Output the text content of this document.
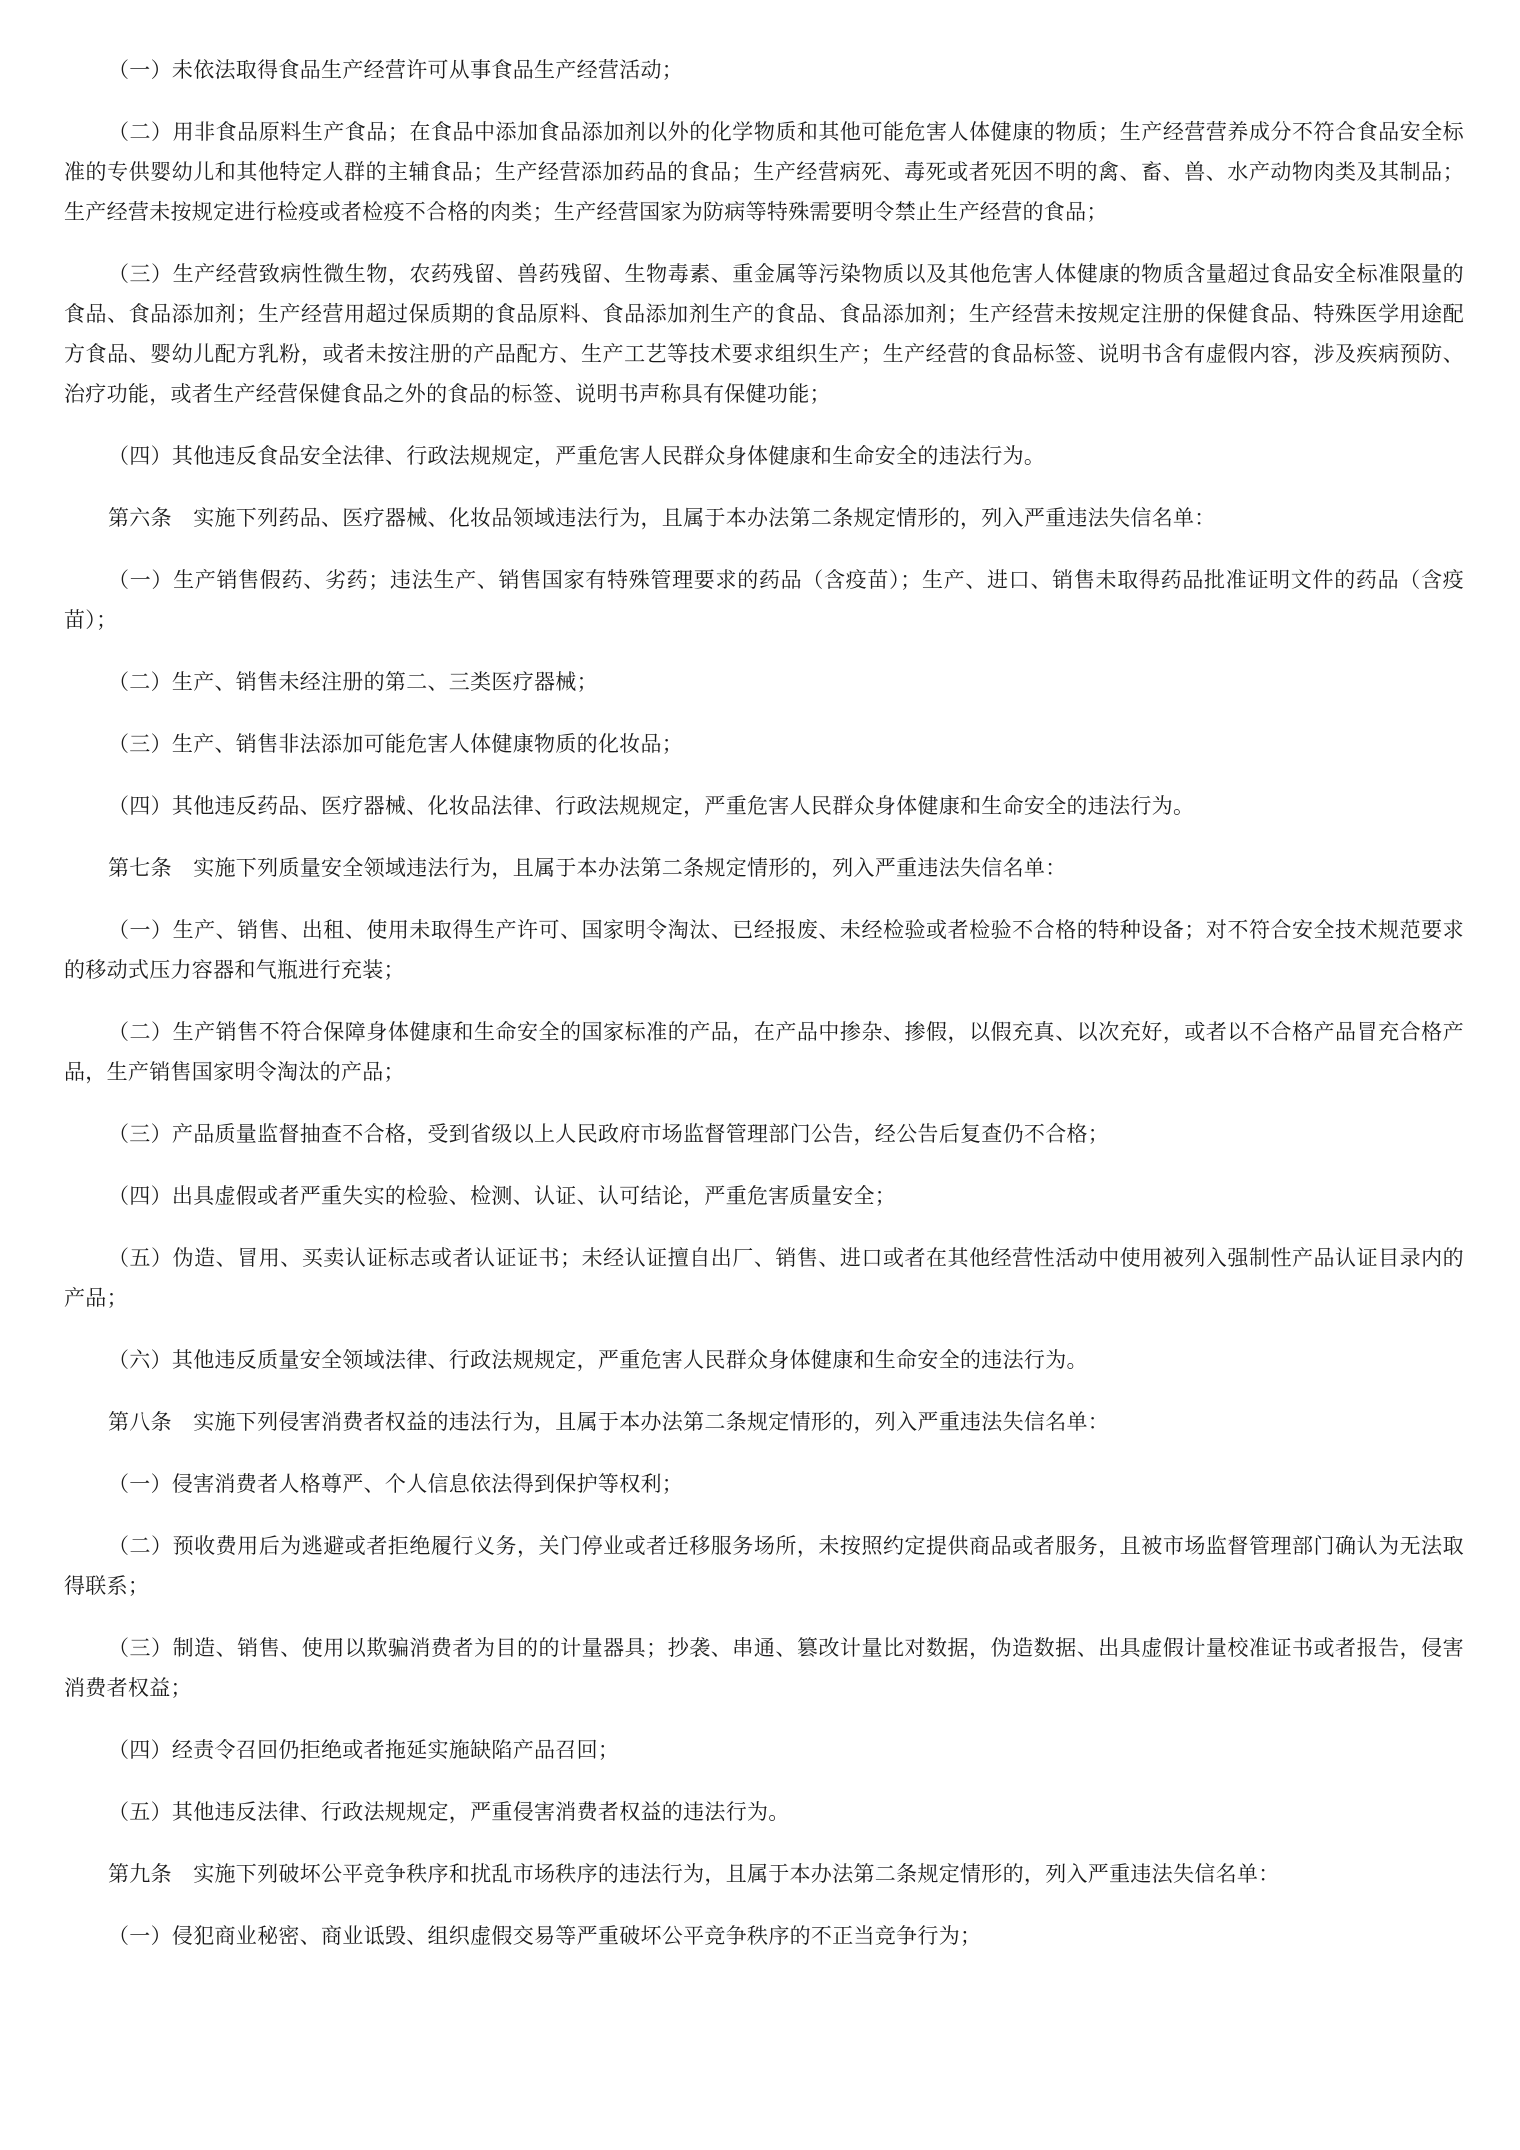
（一）未依法取得食品生产经营许可从事食品生产经营活动；

（二）用非食品原料生产食品；在食品中添加食品添加剂以外的化学物质和其他可能危害人体健康的物质；生产经营营养成分不符合食品安全标准的专供婴幼儿和其他特定人群的主辅食品；生产经营添加药品的食品；生产经营病死、毒死或者死因不明的禽、畜、兽、水产动物肉类及其制品；生产经营未按规定进行检疫或者检疫不合格的肉类；生产经营国家为防病等特殊需要明令禁止生产经营的食品；

（三）生产经营致病性微生物，农药残留、兽药残留、生物毒素、重金属等污染物质以及其他危害人体健康的物质含量超过食品安全标准限量的食品、食品添加剂；生产经营用超过保质期的食品原料、食品添加剂生产的食品、食品添加剂；生产经营未按规定注册的保健食品、特殊医学用途配方食品、婴幼儿配方乳粉，或者未按注册的产品配方、生产工艺等技术要求组织生产；生产经营的食品标签、说明书含有虚假内容，涉及疾病预防、治疗功能，或者生产经营保健食品之外的食品的标签、说明书声称具有保健功能；

（四）其他违反食品安全法律、行政法规规定，严重危害人民群众身体健康和生命安全的违法行为。

第六条　实施下列药品、医疗器械、化妆品领域违法行为，且属于本办法第二条规定情形的，列入严重违法失信名单：

（一）生产销售假药、劣药；违法生产、销售国家有特殊管理要求的药品（含疫苗）；生产、进口、销售未取得药品批准证明文件的药品（含疫苗）；

（二）生产、销售未经注册的第二、三类医疗器械；

（三）生产、销售非法添加可能危害人体健康物质的化妆品；

（四）其他违反药品、医疗器械、化妆品法律、行政法规规定，严重危害人民群众身体健康和生命安全的违法行为。

第七条　实施下列质量安全领域违法行为，且属于本办法第二条规定情形的，列入严重违法失信名单：

（一）生产、销售、出租、使用未取得生产许可、国家明令淘汰、已经报废、未经检验或者检验不合格的特种设备；对不符合安全技术规范要求的移动式压力容器和气瓶进行充装；

（二）生产销售不符合保障身体健康和生命安全的国家标准的产品，在产品中掺杂、掺假，以假充真、以次充好，或者以不合格产品冒充合格产品，生产销售国家明令淘汰的产品；

（三）产品质量监督抽查不合格，受到省级以上人民政府市场监督管理部门公告，经公告后复查仍不合格；

（四）出具虚假或者严重失实的检验、检测、认证、认可结论，严重危害质量安全；

（五）伪造、冒用、买卖认证标志或者认证证书；未经认证擅自出厂、销售、进口或者在其他经营性活动中使用被列入强制性产品认证目录内的产品；

（六）其他违反质量安全领域法律、行政法规规定，严重危害人民群众身体健康和生命安全的违法行为。

第八条　实施下列侵害消费者权益的违法行为，且属于本办法第二条规定情形的，列入严重违法失信名单：

（一）侵害消费者人格尊严、个人信息依法得到保护等权利；

（二）预收费用后为逃避或者拒绝履行义务，关门停业或者迁移服务场所，未按照约定提供商品或者服务，且被市场监督管理部门确认为无法取得联系；

（三）制造、销售、使用以欺骗消费者为目的的计量器具；抄袭、串通、篡改计量比对数据，伪造数据、出具虚假计量校准证书或者报告，侵害消费者权益；

（四）经责令召回仍拒绝或者拖延实施缺陷产品召回；

（五）其他违反法律、行政法规规定，严重侵害消费者权益的违法行为。

第九条　实施下列破坏公平竞争秩序和扰乱市场秩序的违法行为，且属于本办法第二条规定情形的，列入严重违法失信名单：

（一）侵犯商业秘密、商业诋毁、组织虚假交易等严重破坏公平竞争秩序的不正当竞争行为；
